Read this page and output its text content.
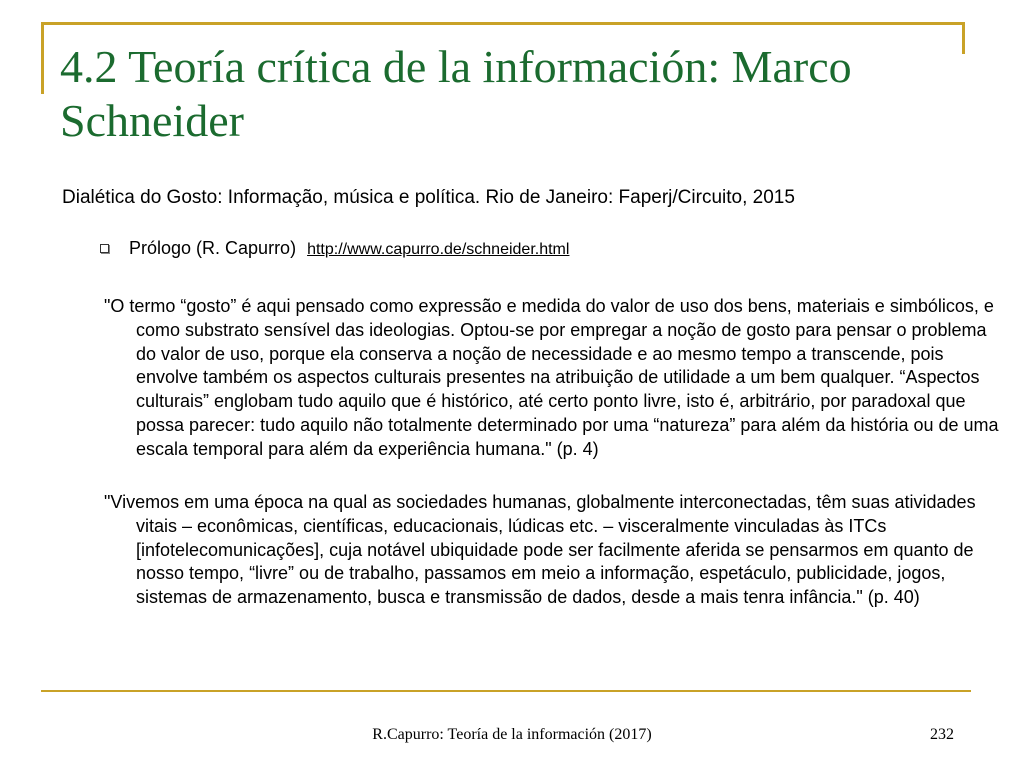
4.2 Teoría crítica de la información: Marco Schneider

Dialética do Gosto: Informação, música e política. Rio de Janeiro: Faperj/Circuito, 2015

Prólogo (R. Capurro) http://www.capurro.de/schneider.html

"O termo “gosto” é aqui pensado como expressão e medida do valor de uso dos bens, materiais e simbólicos, e como substrato sensível das ideologias. Optou-se por empregar a noção de gosto para pensar o problema do valor de uso, porque ela conserva a noção de necessidade e ao mesmo tempo a transcende, pois envolve também os aspectos culturais presentes na atribuição de utilidade a um bem qualquer. “Aspectos culturais” englobam tudo aquilo que é histórico, até certo ponto livre, isto é, arbitrário, por paradoxal que possa parecer: tudo aquilo não totalmente determinado por uma “natureza” para além da história ou de uma escala temporal para além da experiência humana." (p. 4)

"Vivemos em uma época na qual as sociedades humanas, globalmente interconectadas, têm suas atividades vitais – econômicas, científicas, educacionais, lúdicas etc. – visceralmente vinculadas às ITCs [infotelecomunicações], cuja notável ubiquidade pode ser facilmente aferida se pensarmos em quanto de nosso tempo, “livre” ou de trabalho, passamos em meio a informação, espetáculo, publicidade, jogos, sistemas de armazenamento, busca e transmissão de dados, desde a mais tenra infância." (p. 40)

R.Capurro: Teoría de la información (2017)	232
